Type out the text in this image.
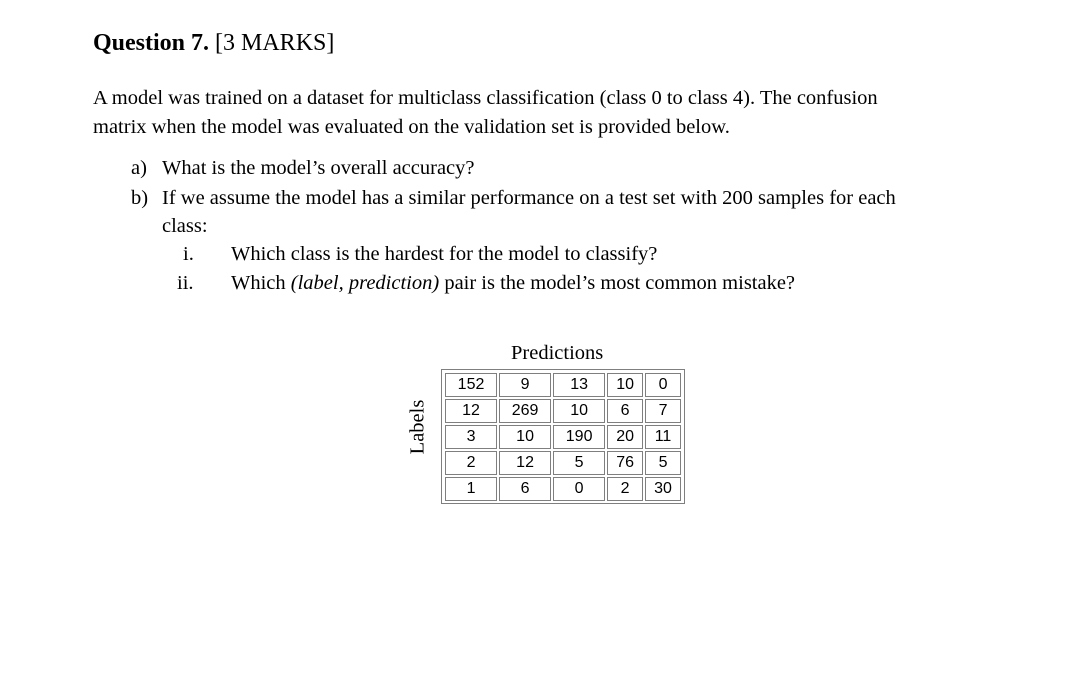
Question 7. [3 MARKS]
A model was trained on a dataset for multiclass classification (class 0 to class 4). The confusion
matrix when the model was evaluated on the validation set is provided below.
a) What is the model’s overall accuracy?
b) If we assume the model has a similar performance on a test set with 200 samples for each
class:
i. Which class is the hardest for the model to classify?
ii. Which (label, prediction) pair is the model’s most common mistake?
Predictions
Labels
152	9	13	10	0
12	269	10	6	7
3	10	190	20	11
2	12	5	76	5
1	6	0	2	30
